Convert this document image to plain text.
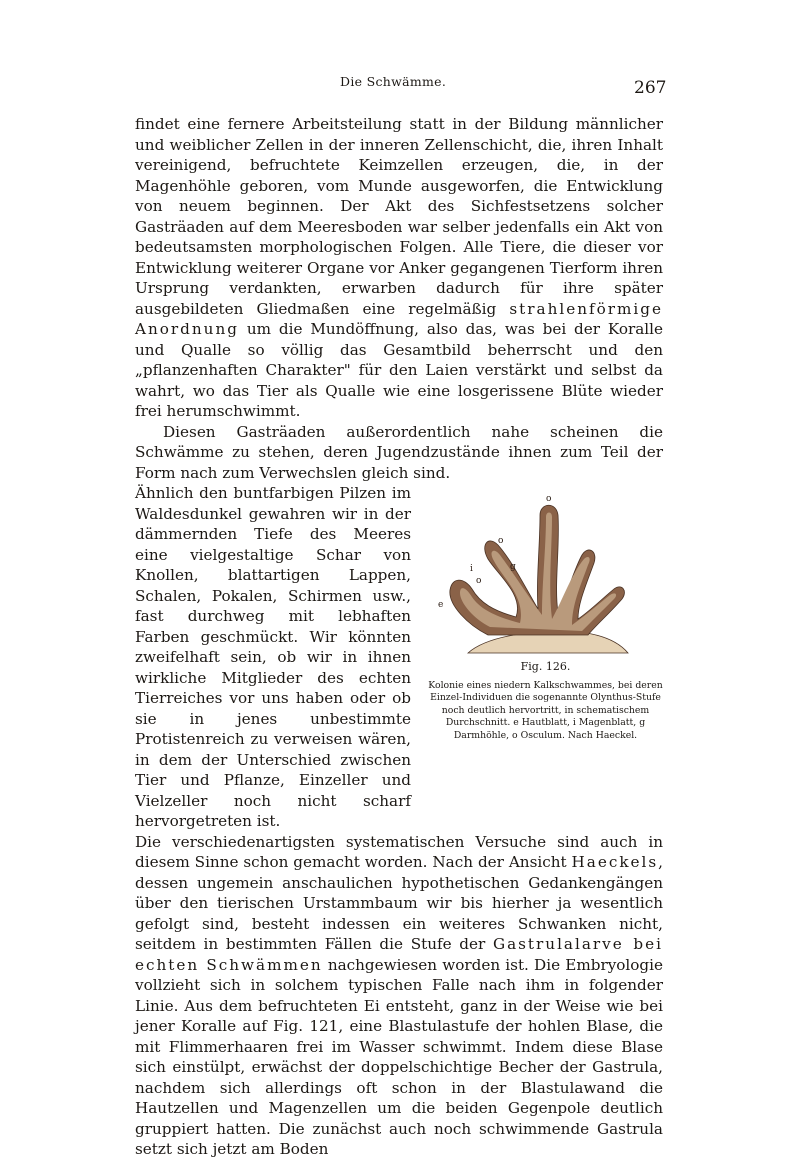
Die Schwämme.	267

findet eine fernere Arbeitsteilung statt in der Bildung männlicher und weiblicher Zellen in der inneren Zellenschicht, die, ihren Inhalt vereinigend, befruchtete Keimzellen erzeugen, die, in der Magenhöhle geboren, vom Munde ausgeworfen, die Entwicklung von neuem beginnen. Der Akt des Sichfestsetzens solcher Gasträaden auf dem Meeresboden war selber jedenfalls ein Akt von bedeutsamsten morphologischen Folgen. Alle Tiere, die dieser vor Entwicklung weiterer Organe vor Anker gegangenen Tierform ihren Ursprung verdankten, erwarben dadurch für ihre später ausgebildeten Gliedmaßen eine regelmäßig strahlenförmige Anordnung um die Mundöffnung, also das, was bei der Koralle und Qualle so völlig das Gesamtbild beherrscht und den „pflanzenhaften Charakter" für den Laien verstärkt und selbst da wahrt, wo das Tier als Qualle wie eine losgerissene Blüte wieder frei herumschwimmt.

Diesen Gasträaden außerordentlich nahe scheinen die Schwämme zu stehen, deren Jugendzustände ihnen zum Teil der Form nach zum Verwechslen gleich sind.

o
o
o
i	g
e
Fig. 126.
Kolonie eines niedern Kalkschwammes, bei deren Einzel-Individuen die sogenannte Olynthus-Stufe noch deutlich hervortritt, in schematischem Durchschnitt. e Hautblatt, i Magenblatt, g Darmhöhle, o Osculum. Nach Haeckel.

Ähnlich den buntfarbigen Pilzen im Waldesdunkel gewahren wir in der dämmernden Tiefe des Meeres eine vielgestaltige Schar von Knollen, blattartigen Lappen, Schalen, Pokalen, Schirmen usw., fast durchweg mit lebhaften Farben geschmückt. Wir könnten zweifelhaft sein, ob wir in ihnen wirkliche Mitglieder des echten Tierreiches vor uns haben oder ob sie in jenes unbestimmte Protistenreich zu verweisen wären, in dem der Unterschied zwischen Tier und Pflanze, Einzeller und Vielzeller noch nicht scharf hervorgetreten ist.

Die verschiedenartigsten systematischen Versuche sind auch in diesem Sinne schon gemacht worden. Nach der Ansicht Haeckels, dessen ungemein anschaulichen hypothetischen Gedankengängen über den tierischen Urstammbaum wir bis hierher ja wesentlich gefolgt sind, besteht indessen ein weiteres Schwanken nicht, seitdem in bestimmten Fällen die Stufe der Gastrulalarve bei echten Schwämmen nachgewiesen worden ist. Die Embryologie vollzieht sich in solchem typischen Falle nach ihm in folgender Linie. Aus dem befruchteten Ei entsteht, ganz in der Weise wie bei jener Koralle auf Fig. 121, eine Blastulastufe der hohlen Blase, die mit Flimmerhaaren frei im Wasser schwimmt. Indem diese Blase sich einstülpt, erwächst der doppelschichtige Becher der Gastrula, nachdem sich allerdings oft schon in der Blastulawand die Hautzellen und Magenzellen um die beiden Gegenpole deutlich gruppiert hatten. Die zunächst auch noch schwimmende Gastrula setzt sich jetzt am Boden
